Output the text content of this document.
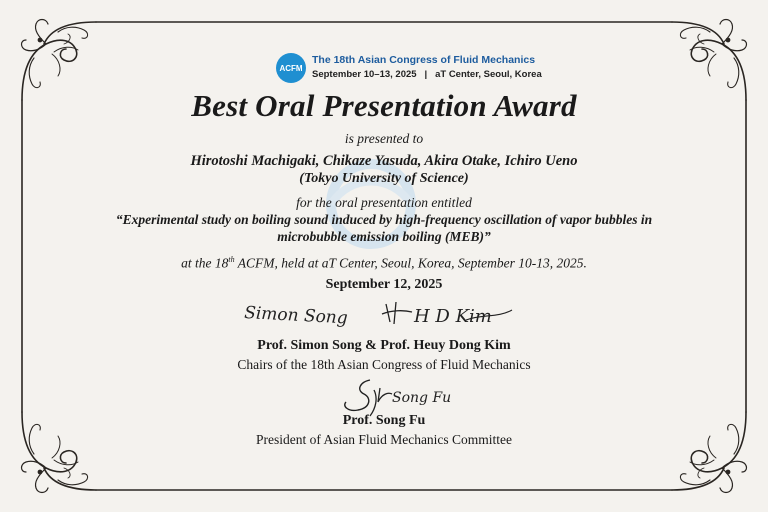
ACFM
The 18th Asian Congress of Fluid Mechanics
September 10–13, 2025 | aT Center, Seoul, Korea
Best Oral Presentation Award
is presented to
Hirotoshi Machigaki, Chikaze Yasuda, Akira Otake, Ichiro Ueno
(Tokyo University of Science)
for the oral presentation entitled
“Experimental study on boiling sound induced by high-frequency oscillation of vapor bubbles in
microbubble emission boiling (MEB)”
at the 18th ACFM, held at aT Center, Seoul, Korea, September 10-13, 2025.
September 12, 2025
Simon Song	H D Kim
Prof. Simon Song & Prof. Heuy Dong Kim
Chairs of the 18th Asian Congress of Fluid Mechanics
Song Fu
Prof. Song Fu
President of Asian Fluid Mechanics Committee
